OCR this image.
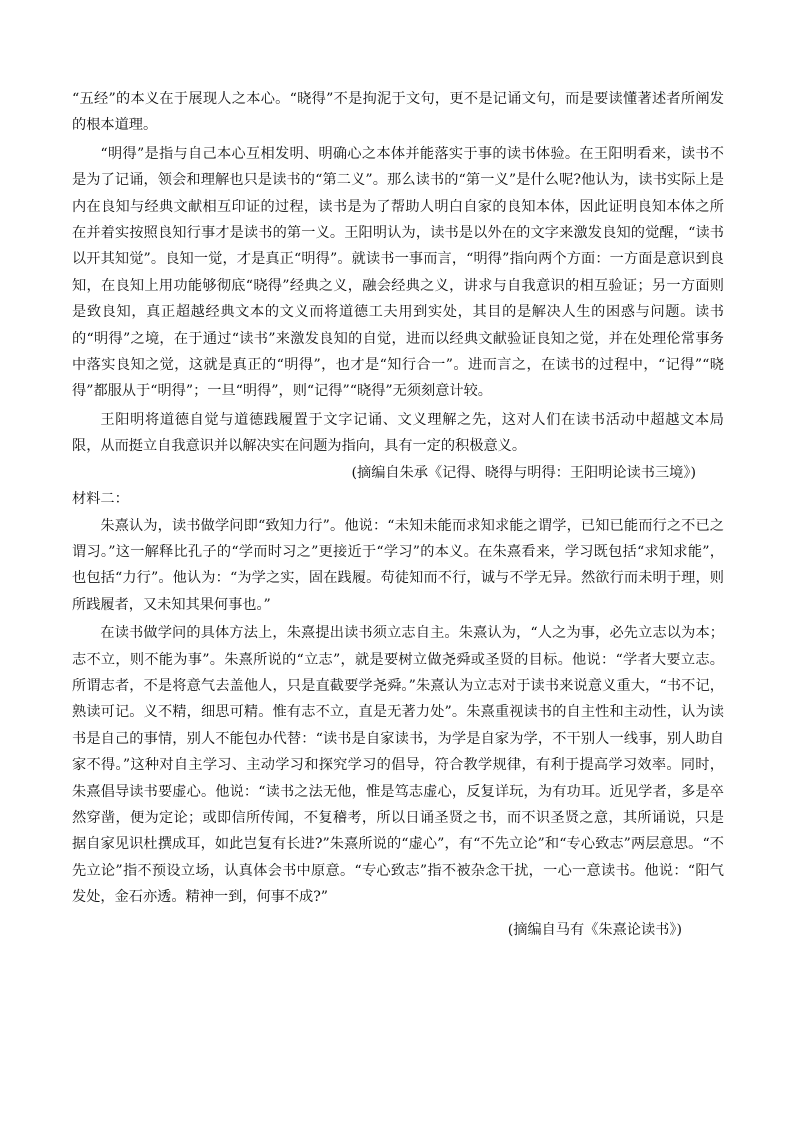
“五经”的本义在于展现人之本心。“晓得”不是拘泥于文句，更不是记诵文句，而是要读懂著述者所阐发的根本道理。

“明得”是指与自己本心互相发明、明确心之本体并能落实于事的读书体验。在王阳明看来，读书不是为了记诵，领会和理解也只是读书的“第二义”。那么读书的“第一义”是什么呢?他认为，读书实际上是内在良知与经典文献相互印证的过程，读书是为了帮助人明白自家的良知本体，因此证明良知本体之所在并着实按照良知行事才是读书的第一义。王阳明认为，读书是以外在的文字来激发良知的觉醒，“读书以开其知觉”。良知一觉，才是真正“明得”。就读书一事而言，“明得”指向两个方面：一方面是意识到良知，在良知上用功能够彻底“晓得”经典之义，融会经典之义，讲求与自我意识的相互验证；另一方面则是致良知，真正超越经典文本的文义而将道德工夫用到实处，其目的是解决人生的困惑与问题。读书的“明得”之境，在于通过“读书”来激发良知的自觉，进而以经典文献验证良知之觉，并在处理伦常事务中落实良知之觉，这就是真正的“明得”，也才是“知行合一”。进而言之，在读书的过程中，“记得”“晓得”都服从于“明得”；一旦“明得”，则“记得”“晓得”无须刻意计较。

王阳明将道德自觉与道德践履置于文字记诵、文义理解之先，这对人们在读书活动中超越文本局限，从而挺立自我意识并以解决实在问题为指向，具有一定的积极意义。

(摘编自朱承《记得、晓得与明得：王阳明论读书三境》)

材料二：

朱熹认为，读书做学问即“致知力行”。他说：“未知未能而求知求能之谓学，已知已能而行之不已之谓习。”这一解释比孔子的“学而时习之”更接近于“学习”的本义。在朱熹看来，学习既包括“求知求能”，也包括“力行”。他认为：“为学之实，固在践履。苟徒知而不行，诚与不学无异。然欲行而未明于理，则所践履者，又未知其果何事也。”

在读书做学问的具体方法上，朱熹提出读书须立志自主。朱熹认为，“人之为事，必先立志以为本；志不立，则不能为事”。朱熹所说的“立志”，就是要树立做尧舜或圣贤的目标。他说：“学者大要立志。所谓志者，不是将意气去盖他人，只是直截要学尧舜。”朱熹认为立志对于读书来说意义重大，“书不记，熟读可记。义不精，细思可精。惟有志不立，直是无著力处”。朱熹重视读书的自主性和主动性，认为读书是自己的事情，别人不能包办代替：“读书是自家读书，为学是自家为学，不干别人一线事，别人助自家不得。”这种对自主学习、主动学习和探究学习的倡导，符合教学规律，有利于提高学习效率。同时，朱熹倡导读书要虚心。他说：“读书之法无他，惟是笃志虚心，反复详玩，为有功耳。近见学者，多是卒然穿凿，便为定论；或即信所传闻，不复稽考，所以日诵圣贤之书，而不识圣贤之意，其所诵说，只是据自家见识杜撰成耳，如此岂复有长进?”朱熹所说的“虚心”，有“不先立论”和“专心致志”两层意思。“不先立论”指不预设立场，认真体会书中原意。“专心致志”指不被杂念干扰，一心一意读书。他说：“阳气发处，金石亦透。精神一到，何事不成?”

(摘编自马有《朱熹论读书》)
